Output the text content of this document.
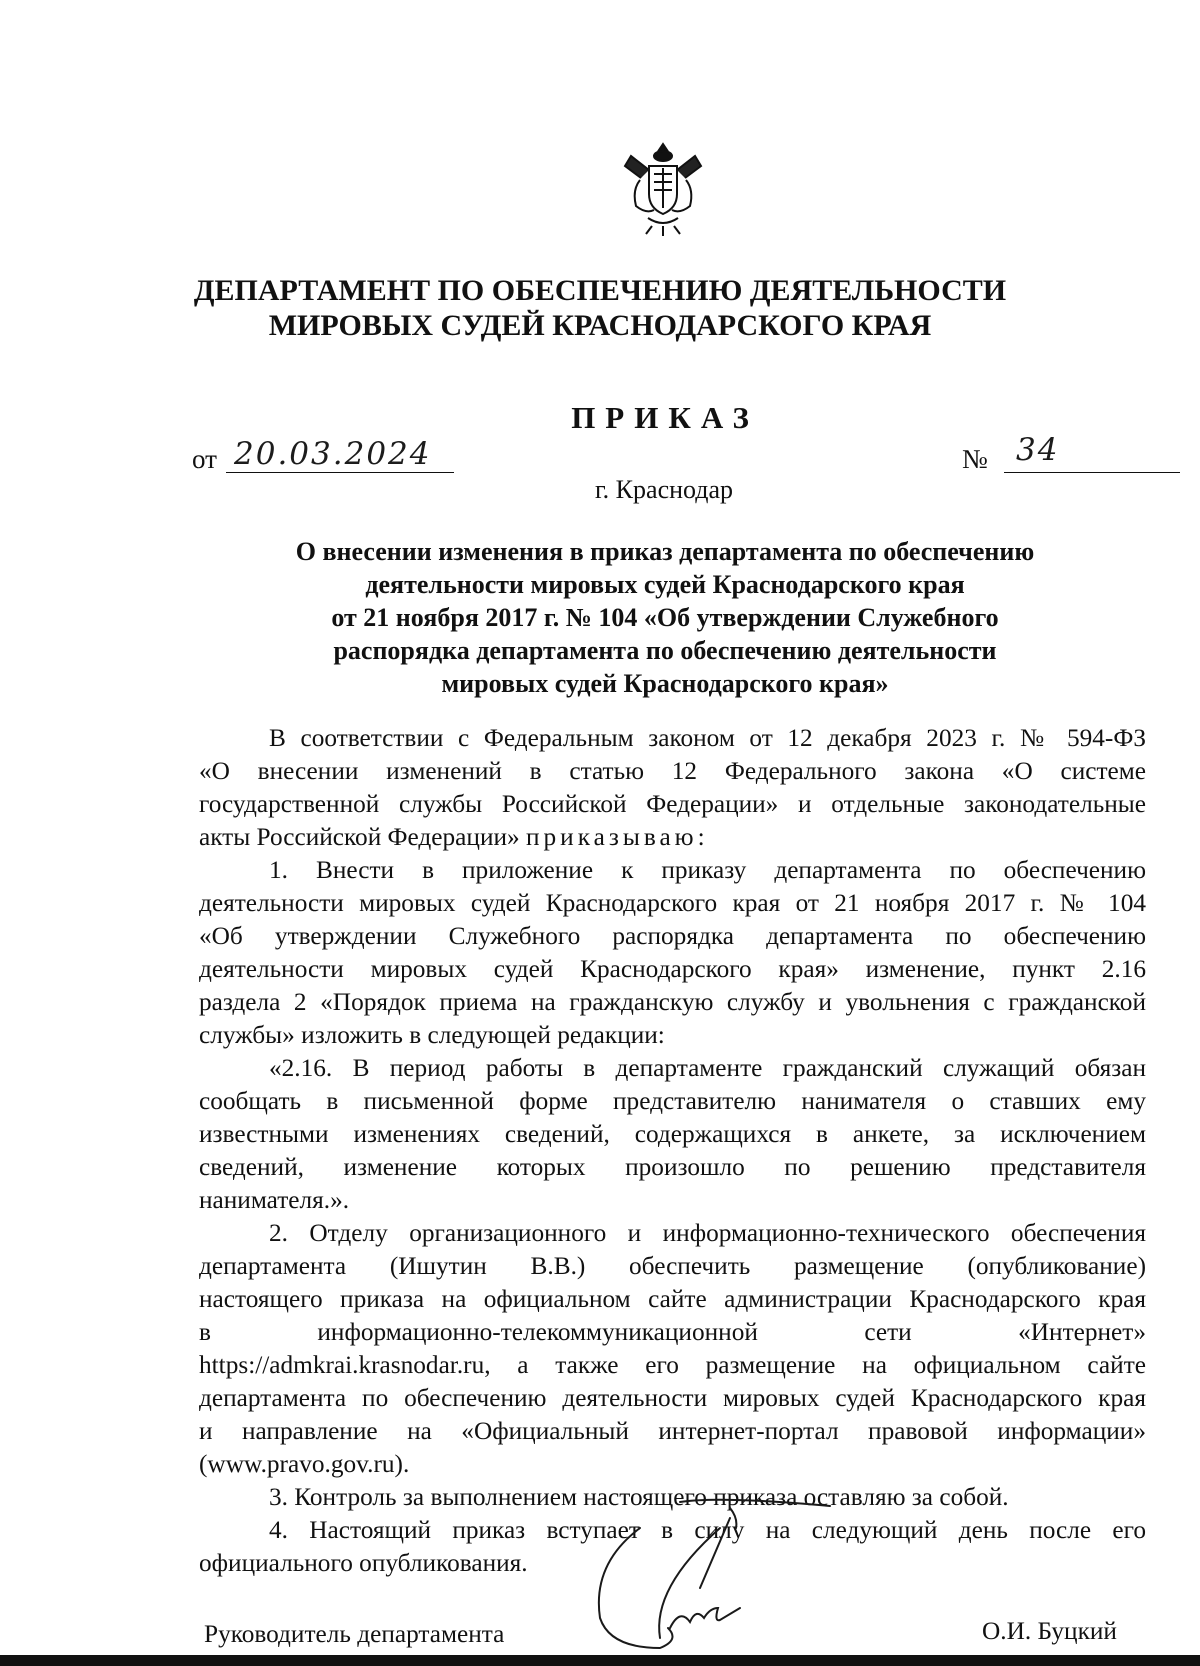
ДЕПАРТАМЕНТ ПО ОБЕСПЕЧЕНИЮ ДЕЯТЕЛЬНОСТИ
МИРОВЫХ СУДЕЙ КРАСНОДАРСКОГО КРАЯ
ПРИКАЗ
от 20.03.2024	№ 34
г. Краснодар
О внесении изменения в приказ департамента по обеспечению
деятельности мировых судей Краснодарского края
от 21 ноября 2017 г. № 104 «Об утверждении Служебного
распорядка департамента по обеспечению деятельности
мировых судей Краснодарского края»
В соответствии с Федеральным законом от 12 декабря 2023 г. № 594-ФЗ
«О внесении изменений в статью 12 Федерального закона «О системе
государственной службы Российской Федерации» и отдельные законодательные
акты Российской Федерации» приказываю:
1. Внести в приложение к приказу департамента по обеспечению
деятельности мировых судей Краснодарского края от 21 ноября 2017 г. № 104
«Об утверждении Служебного распорядка департамента по обеспечению
деятельности мировых судей Краснодарского края» изменение, пункт 2.16
раздела 2 «Порядок приема на гражданскую службу и увольнения с гражданской
службы» изложить в следующей редакции:
«2.16. В период работы в департаменте гражданский служащий обязан
сообщать в письменной форме представителю нанимателя о ставших ему
известными изменениях сведений, содержащихся в анкете, за исключением
сведений, изменение которых произошло по решению представителя
нанимателя.».
2. Отделу организационного и информационно-технического обеспечения
департамента (Ишутин В.В.) обеспечить размещение (опубликование)
настоящего приказа на официальном сайте администрации Краснодарского края
в информационно-телекоммуникационной сети «Интернет»
https://admkrai.krasnodar.ru, а также его размещение на официальном сайте
департамента по обеспечению деятельности мировых судей Краснодарского края
и направление на «Официальный интернет-портал правовой информации»
(www.pravo.gov.ru).
3. Контроль за выполнением настоящего приказа оставляю за собой.
4. Настоящий приказ вступает в силу на следующий день после его
официального опубликования.
Руководитель департамента	О.И. Буцкий
